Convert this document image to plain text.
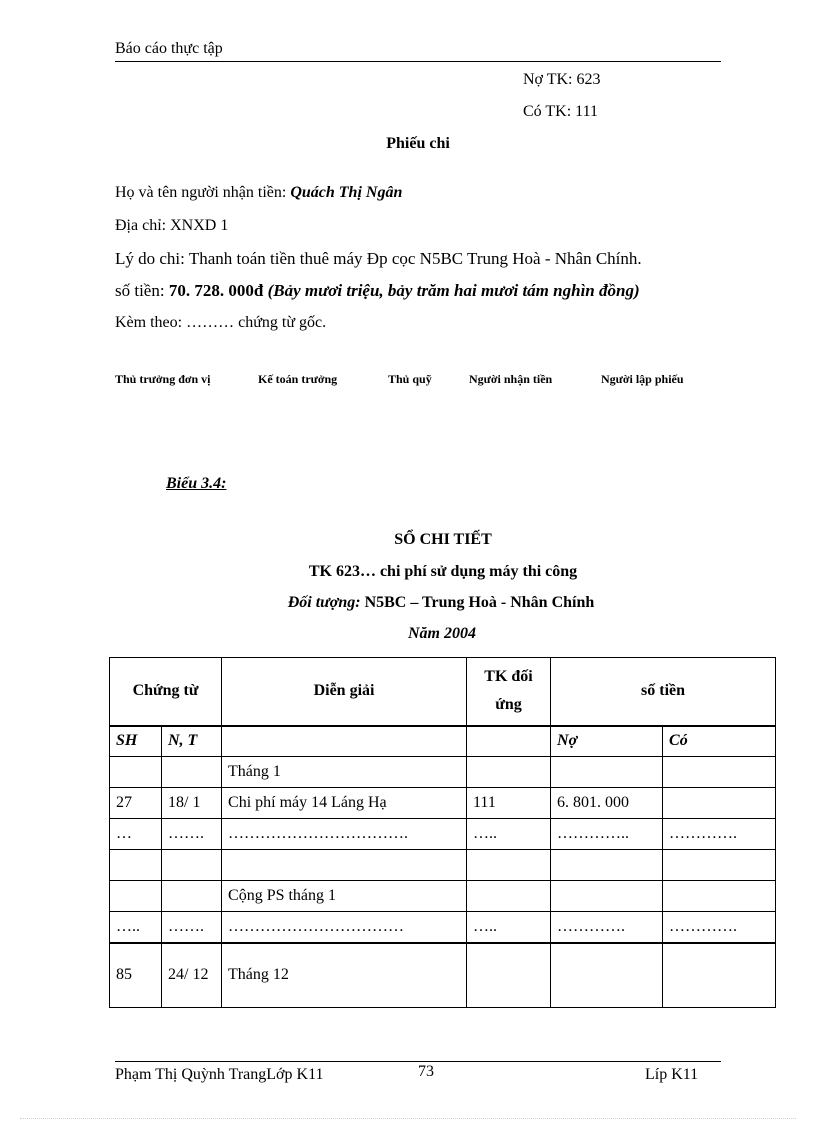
Báo cáo thực tập
Nợ TK: 623
Có TK: 111
Phiếu chi
Họ và tên người nhận tiền: Quách Thị Ngân
Địa chỉ: XNXD 1
Lý do chi: Thanh toán tiền thuê máy Đp cọc N5BC Trung Hoà - Nhân Chính.
số tiền: 70. 728. 000đ (Bảy mươi triệu, bảy trăm hai mươi tám nghìn đồng)
Kèm theo: ……… chứng từ gốc.
Thủ trưởng đơn vị	Kế toán trưởng	Thủ quỹ	Người nhận tiền	Người lập phiếu
Biểu 3.4:
SỔ CHI TIẾT
TK 623… chi phí sử dụng máy thi công
Đối tượng: N5BC – Trung Hoà - Nhân Chính
Năm 2004
Chứng từ		Diễn giải	TK đối ứng	số tiền	
SH	N, T			Nợ	Có
		Tháng 1			
27	18/ 1	Chi phí máy 14 Láng Hạ	111	6. 801. 000	
…	…….	…………………………….	…..	…………..	………….

		Cộng PS tháng 1			
…..	…….	……………………………	…..	………….	………….
85	24/ 12	Tháng 12			
Phạm Thị Quỳnh TrangLớp K11	73	Líp K11
